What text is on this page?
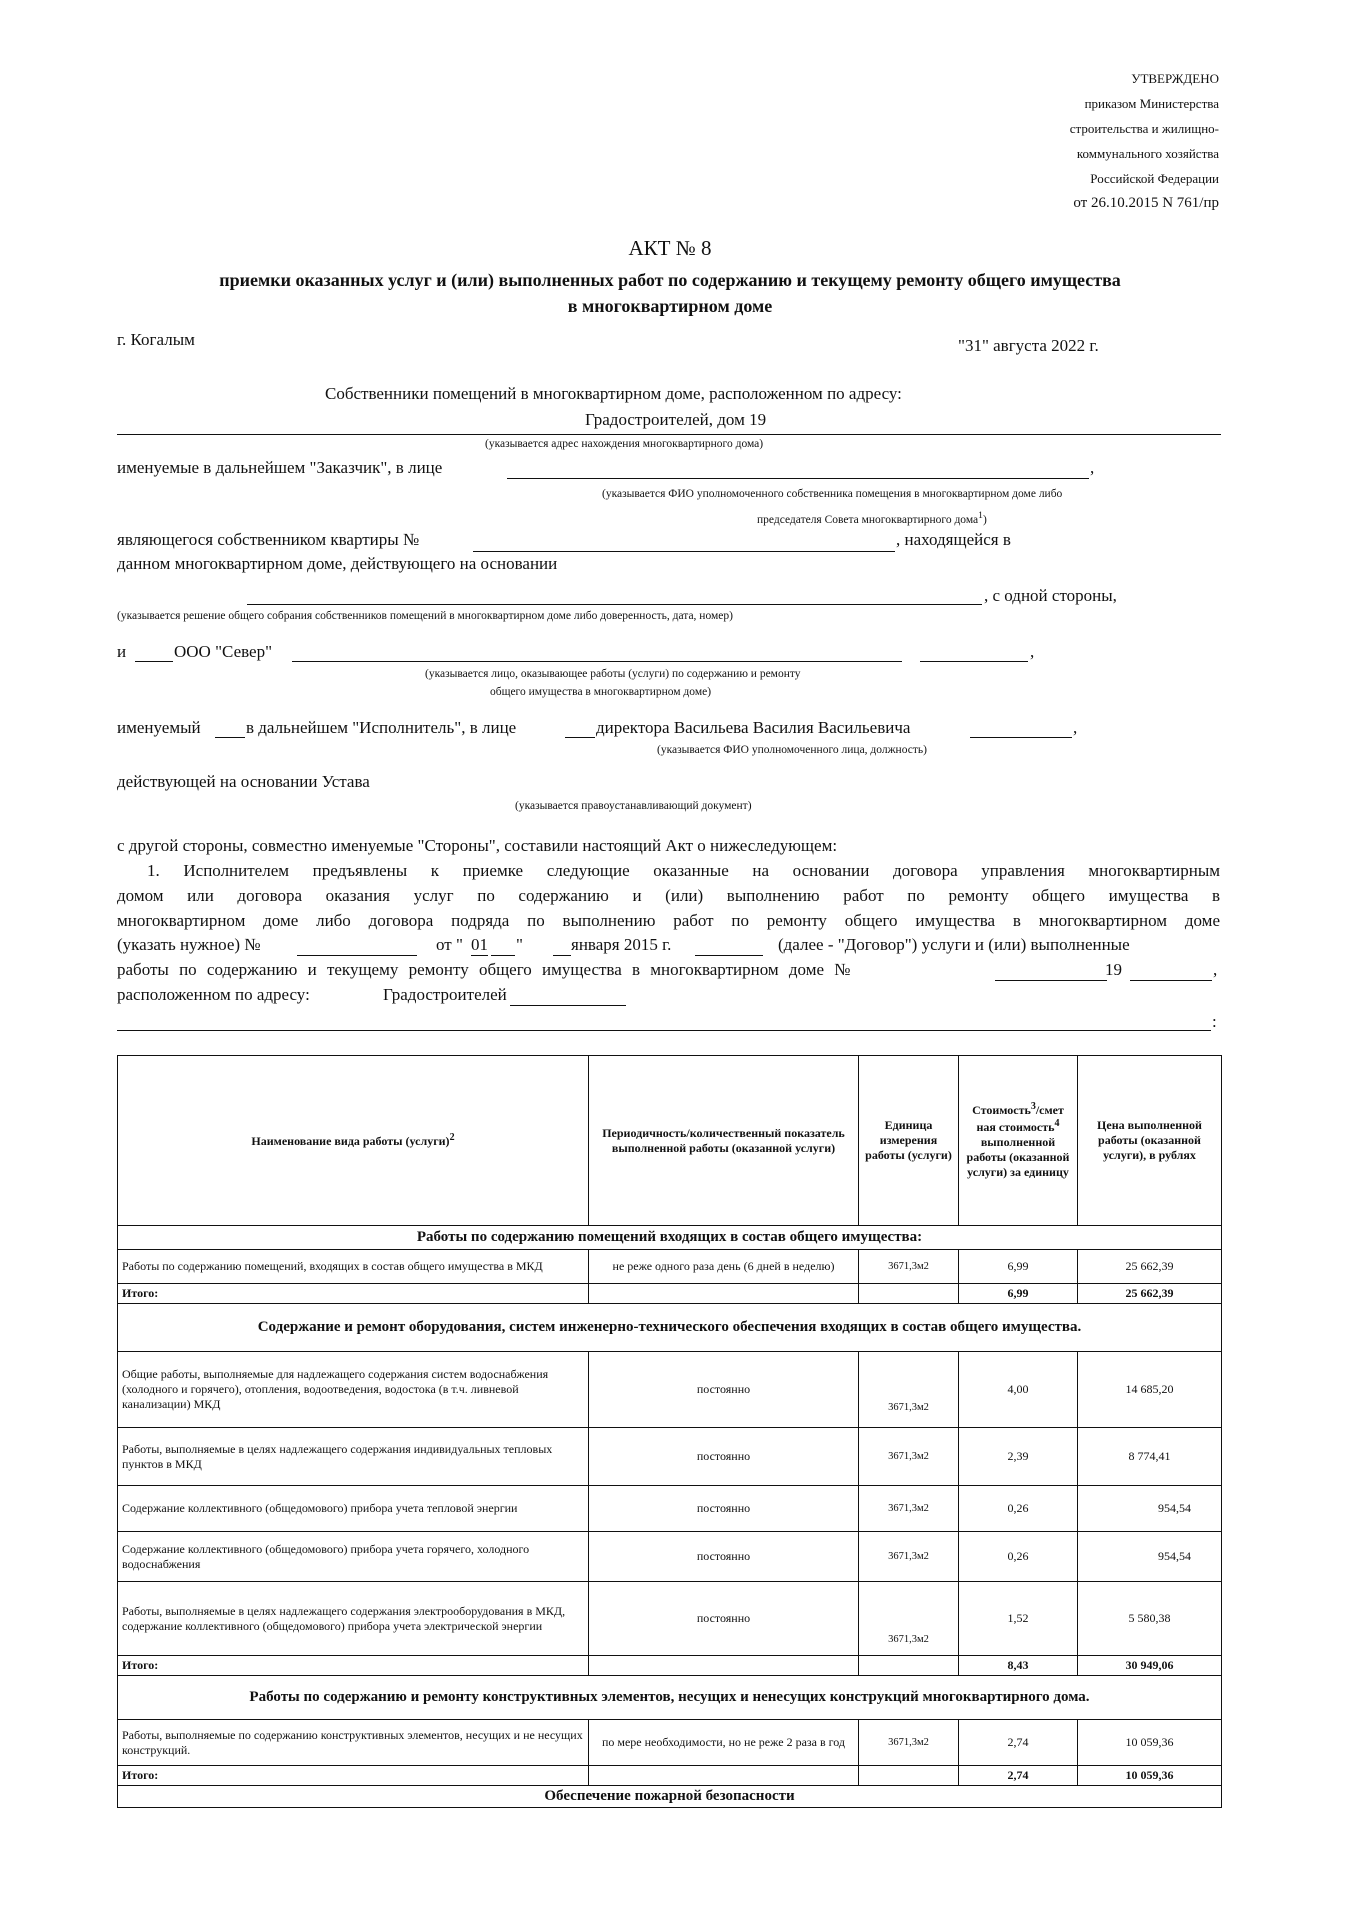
УТВЕРЖДЕНО
приказом Министерства
строительства и жилищно-
коммунального хозяйства
Российской Федерации
от 26.10.2015 N 761/пр
АКТ № 8
приемки оказанных услуг и (или) выполненных работ по содержанию и текущему ремонту общего имущества
в многоквартирном доме
г. Когалым	"31" августа 2022 г.
Собственники помещений в многоквартирном доме, расположенном по адресу:
Градостроителей, дом 19
(указывается адрес нахождения многоквартирного дома)
именуемые в дальнейшем "Заказчик", в лице	,
(указывается ФИО уполномоченного собственника помещения в многоквартирном доме либо
председателя Совета многоквартирного дома$^1$)
являющегося собственником квартиры №	, находящейся в
данном многоквартирном доме, действующего на основании
, с одной стороны,
(указывается решение общего собрания собственников помещений в многоквартирном доме либо доверенность, дата, номер)
и	ООО "Север"	,
(указывается лицо, оказывающее работы (услуги) по содержанию и ремонту
общего имущества в многоквартирном доме)
именуемый	в дальнейшем "Исполнитель", в лице	директора Васильева Василия Васильевича	,
(указывается ФИО уполномоченного лица, должность)
действующей на основании Устава
(указывается правоустанавливающий документ)
с другой стороны, совместно именуемые "Стороны", составили настоящий Акт о нижеследующем:

1. Исполнителем предъявлены к приемке следующие оказанные на основании договора управления многоквартирным

домом или договора оказания услуг по содержанию и (или) выполнению работ по ремонту общего имущества в

многоквартирном доме либо договора подряда по выполнению работ по ремонту общего имущества в многоквартирном доме

(указать нужное) №	от " 01 "	января 2015 г.	(далее - "Договор") услуги и (или) выполненные
работы по содержанию и текущему ремонту общего имущества в многоквартирном доме №	19	,
расположенном по адресу:	Градостроителей
:
Наименование вида работы (услуги)$^2$	Периодичность/количественный показатель выполненной работы (оказанной услуги)	Единица измерения работы (услуги)	Стоимость$^3$/смет ная стоимость$^4$ выполненной работы (оказанной услуги) за единицу	Цена выполненной работы (оказанной услуги), в рублях
Работы по содержанию помещений входящих в состав общего имущества:				
Работы по содержанию помещений, входящих в состав общего имущества в МКД	не реже одного раза день (6 дней в неделю)	3671,3м2	6,99	25 662,39
Итого:			6,99	25 662,39
Содержание и ремонт оборудования, систем инженерно-технического обеспечения входящих в состав общего имущества.				
Общие работы, выполняемые для надлежащего содержания систем водоснабжения (холодного и горячего), отопления, водоотведения, водостока (в т.ч. ливневой канализации) МКД	постоянно	3671,3м2	4,00	14 685,20
Работы, выполняемые в целях надлежащего содержания индивидуальных тепловых пунктов в МКД	постоянно	3671,3м2	2,39	8 774,41
Содержание коллективного (общедомового) прибора учета тепловой энергии	постоянно	3671,3м2	0,26	954,54
Содержание коллективного (общедомового) прибора учета горячего, холодного водоснабжения	постоянно	3671,3м2	0,26	954,54
Работы, выполняемые в целях надлежащего содержания электрооборудования в МКД, содержание коллективного (общедомового) прибора учета электрической энергии	постоянно	3671,3м2	1,52	5 580,38
Итого:			8,43	30 949,06
Работы по содержанию и ремонту конструктивных элементов, несущих и ненесущих конструкций многоквартирного дома.				
Работы, выполняемые по содержанию конструктивных элементов, несущих и не несущих конструкций.	по мере необходимости, но не реже 2 раза в год	3671,3м2	2,74	10 059,36
Итого:			2,74	10 059,36
Обеспечение пожарной безопасности				
